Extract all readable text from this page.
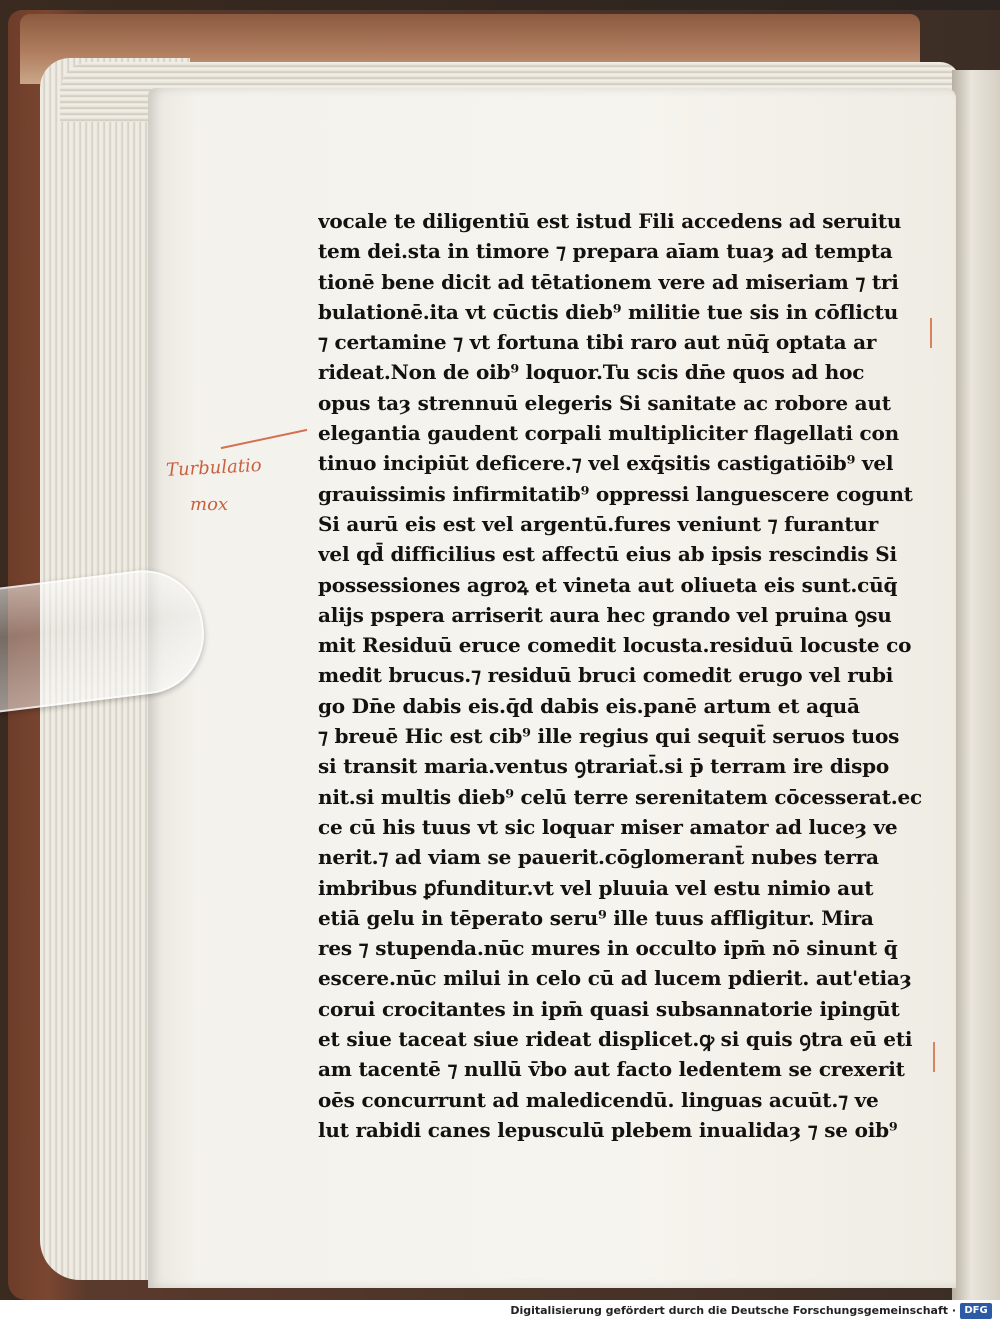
Turbulatio
mox
vocale te diligentiū est istud Fili accedens ad seruitu
tem dei.sta in timore ⁊ prepara aīam tuaȝ ad tempta
tionē bene dicit ad tētationem vere ad miseriam ⁊ tri
bulationē.ita vt cūctis dieb⁹ militie tue sis in cōflictu
⁊ certamine ⁊ vt fortuna tibi raro aut nūq̄ optata ar
rideat.Non de oib⁹ loquor.Tu scis dn̄e quos ad hoc
opus taȝ strennuū elegeris Si sanitate ac robore aut
elegantia gaudent corpali multipliciter flagellati con
tinuo incipiūt deficere.⁊ vel exq̄sitis castigatiōib⁹ vel
grauissimis infirmitatib⁹ oppressi languescere cogunt
Si aurū eis est vel argentū.fures veniunt ⁊ furantur
vel qd̄ difficilius est affectū eius ab ipsis rescindis Si
possessiones agroꝝ et vineta aut oliueta eis sunt.cūq̄
alijs pspera arriserit aura hec grando vel pruina ꝯsu
mit Residuū eruce comedit locusta.residuū locuste co
medit brucus.⁊ residuū bruci comedit erugo vel rubi
go Dn̄e dabis eis.q̄d dabis eis.panē artum et aquā
⁊ breuē Hic est cib⁹ ille regius qui sequit̄ seruos tuos
si transit maria.ventus ꝯtrariat̄.si p̄ terram ire dispo
nit.si multis dieb⁹ celū terre serenitatem cōcesserat.ec
ce cū his tuus vt sic loquar miser amator ad luceȝ ve
nerit.⁊ ad viam se pauerit.cōglomerant̄ nubes terra
imbribus ꝑfunditur.vt vel pluuia vel estu nimio aut
etiā gelu in tēperato seru⁹ ille tuus affligitur. Mira
res ⁊ stupenda.nūc mures in occulto ipm̄ nō sinunt q̄
escere.nūc milui in celo cū ad lucem pdierit. aut'etiaȝ
corui crocitantes in ipm̄ quasi subsannatorie ipingūt
et siue taceat siue rideat displicet.ꝙ si quis ꝯtra eū eti
am tacentē ⁊ nullū v̄bo aut facto ledentem se crexerit
oēs concurrunt ad maledicendū. linguas acuūt.⁊ ve
lut rabidi canes lepusculū plebem inualidaȝ ⁊ se oib⁹
Digitalisierung gefördert durch die Deutsche Forschungsgemeinschaft · DFG
